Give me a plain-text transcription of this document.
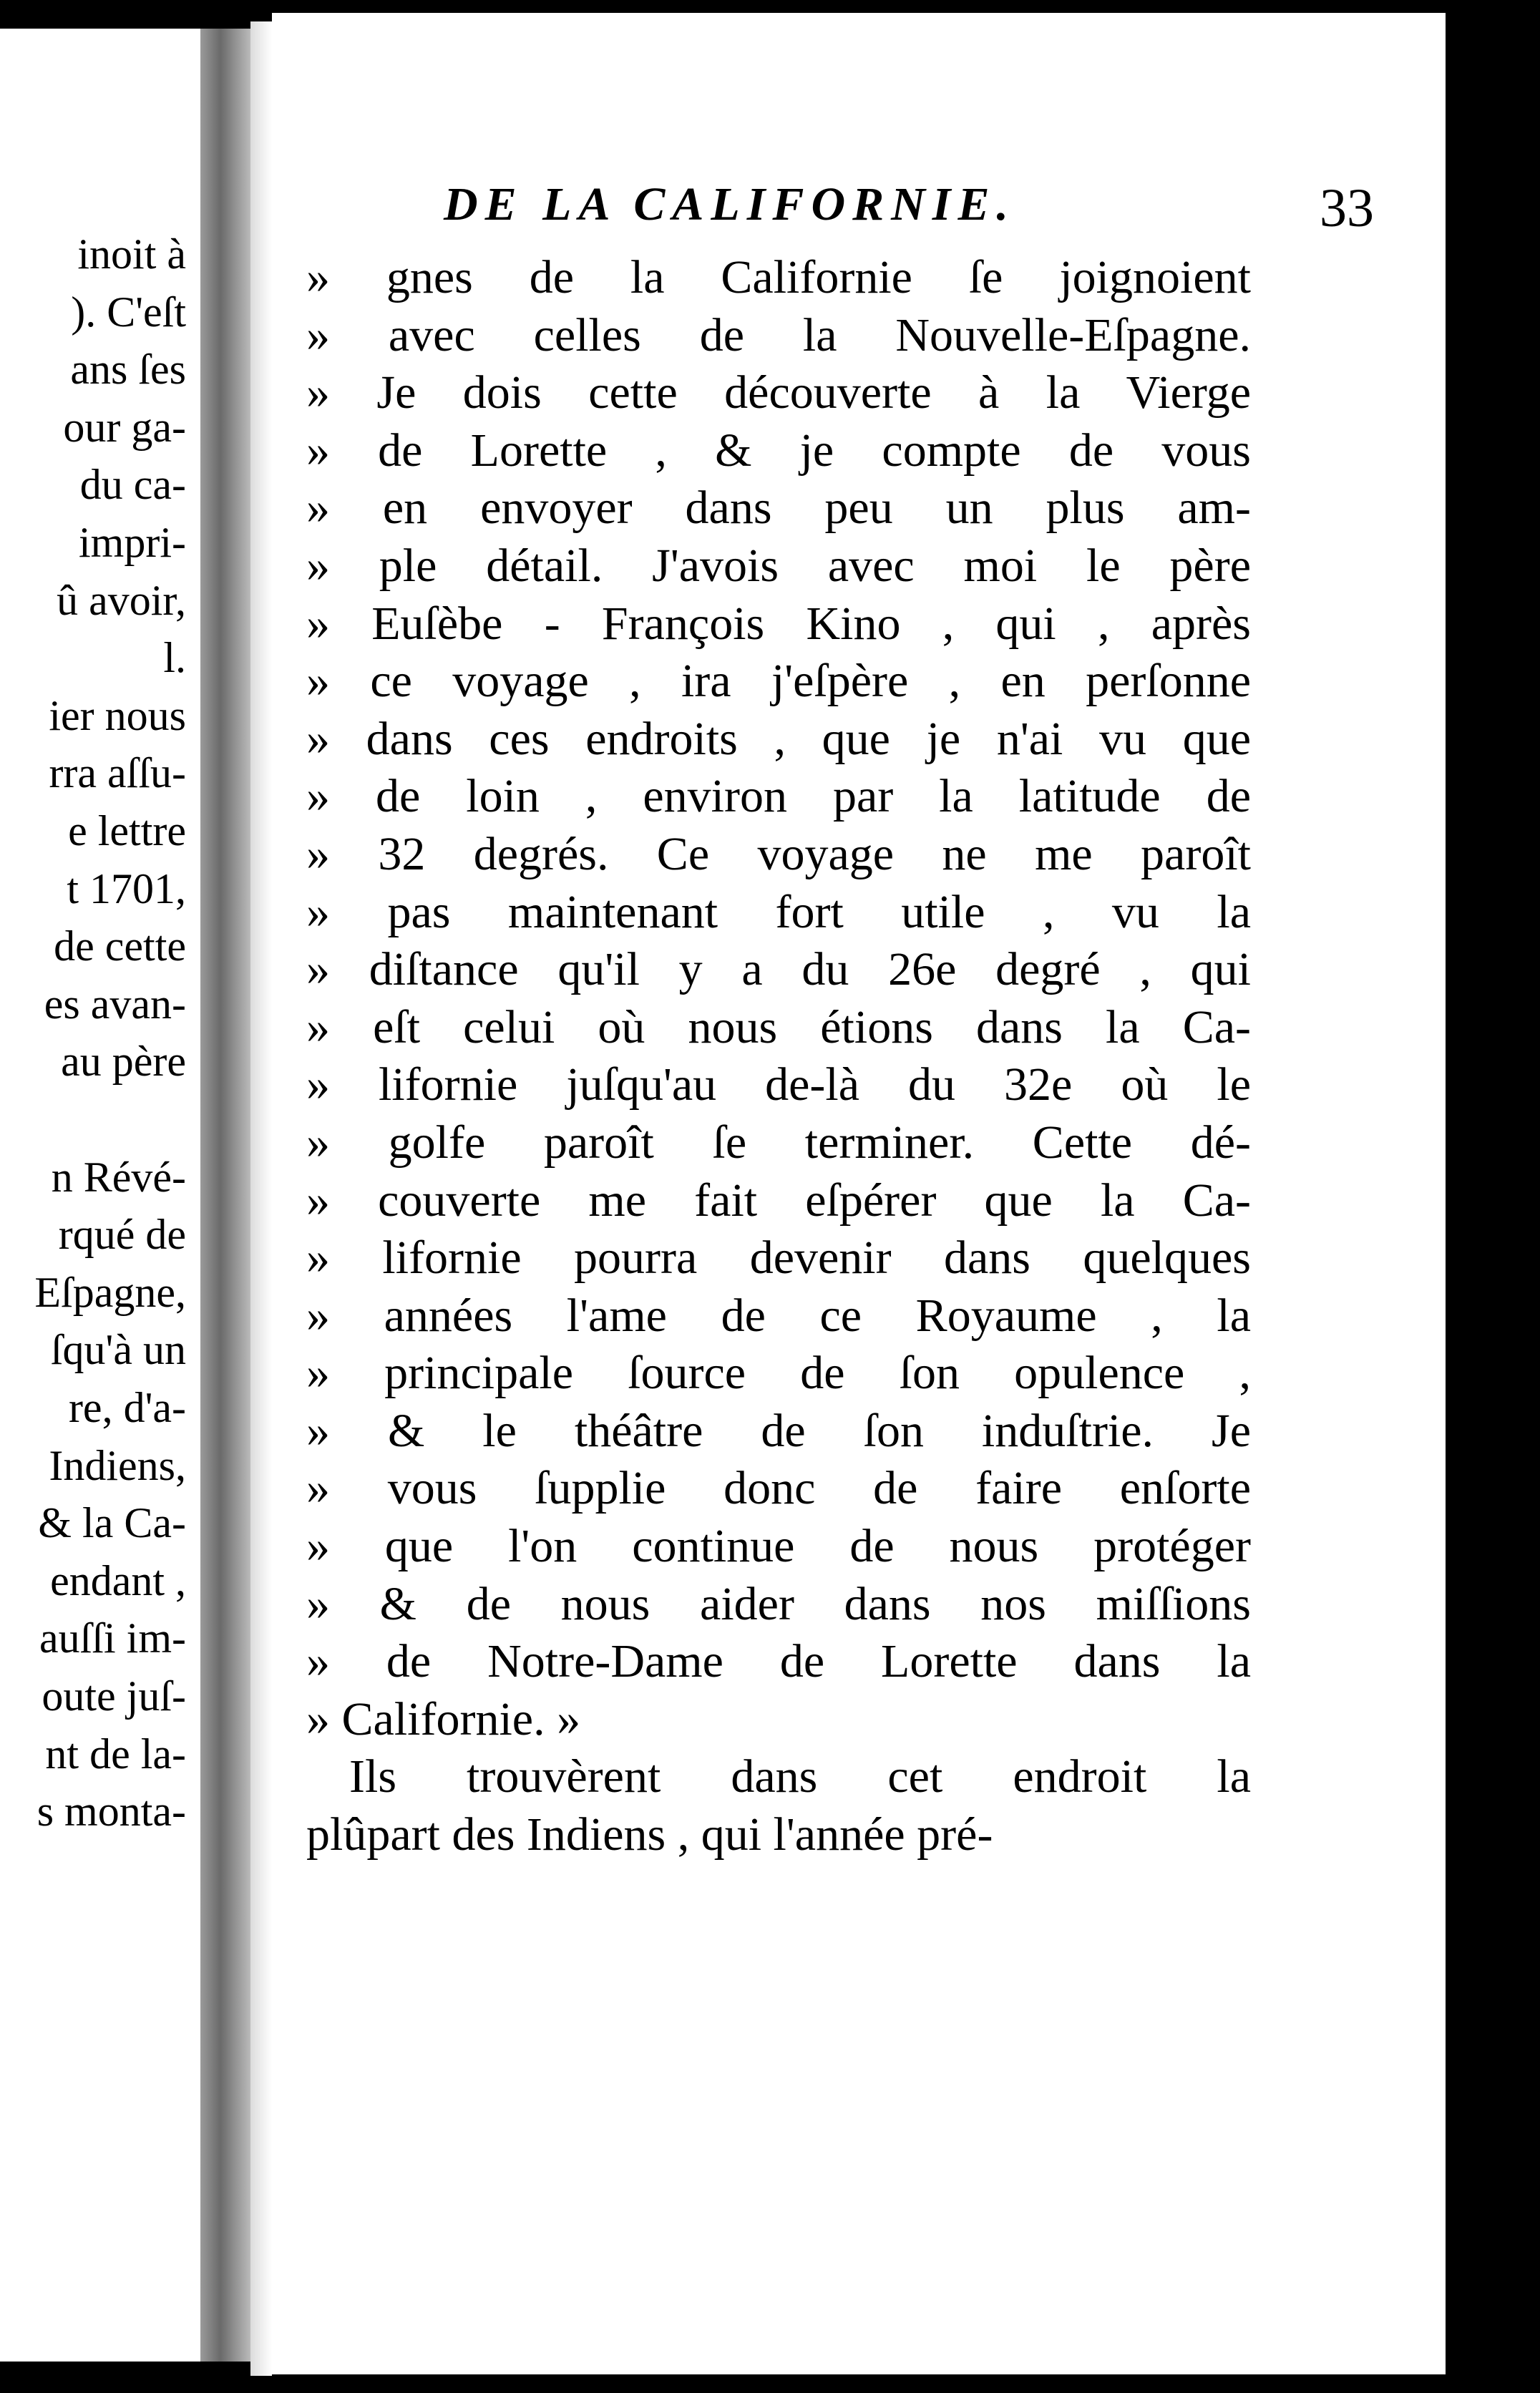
inoit à
). C'eſt
ans ſes
our ga-
du ca-
impri-
û avoir,
l.
ier nous
rra aſſu-
e lettre
t 1701,
de cette
es avan-
au père
n Révé-
rqué de
Eſpagne,
ſqu'à un
re, d'a-
Indiens,
& la Ca-
endant ,
auſſi im-
oute juſ-
nt de la-
s monta-
DE LA CALIFORNIE.	33
» gnes de la Californie ſe joignoient
» avec celles de la Nouvelle-Eſpagne.
» Je dois cette découverte à la Vierge
» de Lorette , & je compte de vous
» en envoyer dans peu un plus am-
» ple détail. J'avois avec moi le père
» Euſèbe - François Kino , qui , après
» ce voyage , ira j'eſpère , en perſonne
» dans ces endroits , que je n'ai vu que
» de loin , environ par la latitude de
» 32 degrés. Ce voyage ne me paroît
» pas maintenant fort utile , vu la
» diſtance qu'il y a du 26e degré , qui
» eſt celui où nous étions dans la Ca-
» lifornie juſqu'au de-là du 32e où le
» golfe paroît ſe terminer. Cette dé-
» couverte me fait eſpérer que la Ca-
» lifornie pourra devenir dans quelques
» années l'ame de ce Royaume , la
» principale ſource de ſon opulence ,
» & le théâtre de ſon induſtrie. Je
» vous ſupplie donc de faire enſorte
» que l'on continue de nous protéger
» & de nous aider dans nos miſſions
» de Notre-Dame de Lorette dans la
» Californie. »
Ils trouvèrent dans cet endroit la
plûpart des Indiens , qui l'année pré-
